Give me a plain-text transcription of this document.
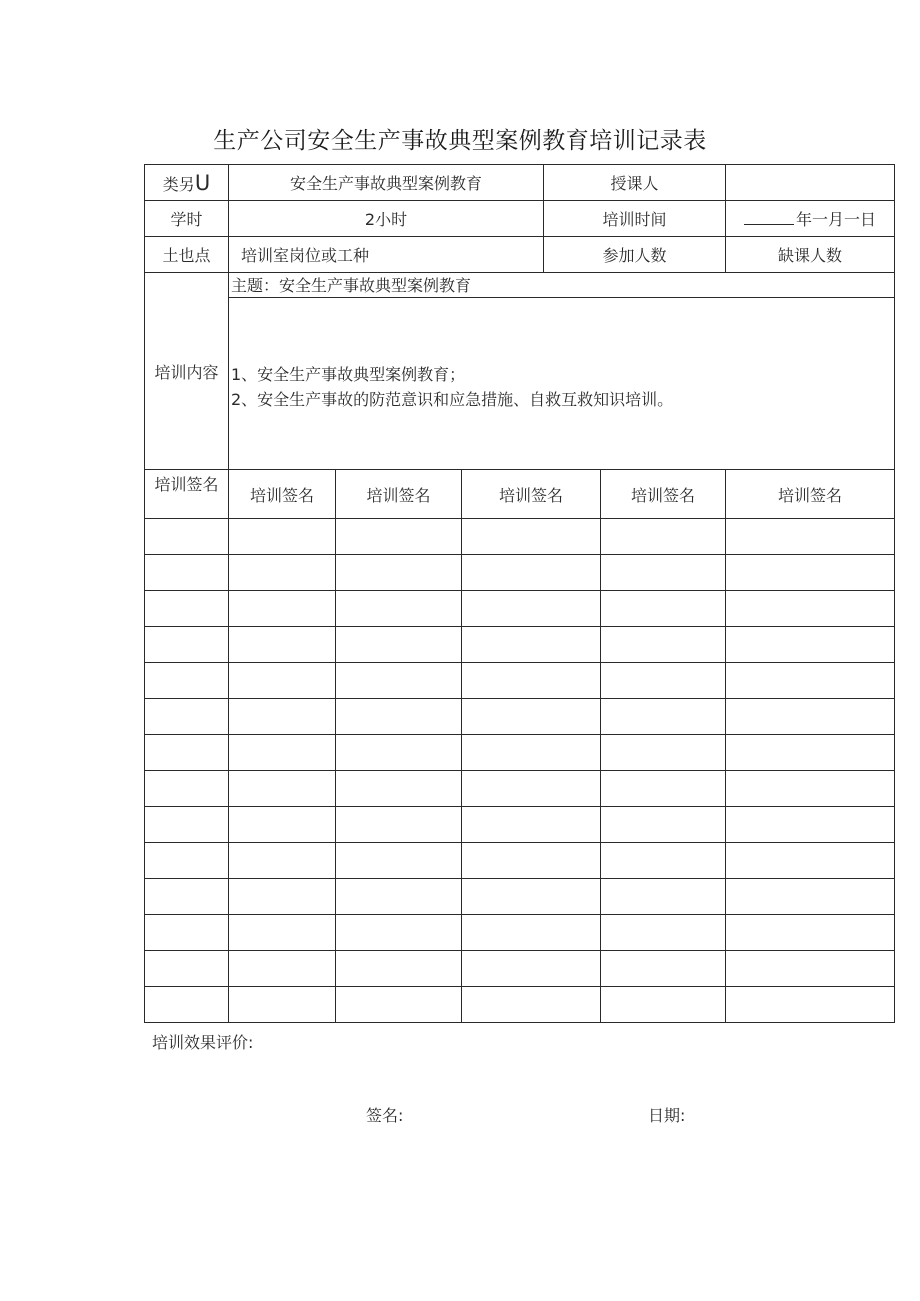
生产公司安全生产事故典型案例教育培训记录表
类另U	安全生产事故典型案例教育			授课人		
学时	2小时			培训时间		年一月一日
土也点	培训室岗位或工种			参加人数		缺课人数
培训内容	主题：安全生产事故典型案例教育					

	1、安全生产事故典型案例教育；
2、安全生产事故的防范意识和应急措施、自救互救知识培训。					

培训签名	培训签名	培训签名	培训签名		培训签名	培训签名

培训效果评价:
签名:	日期:
